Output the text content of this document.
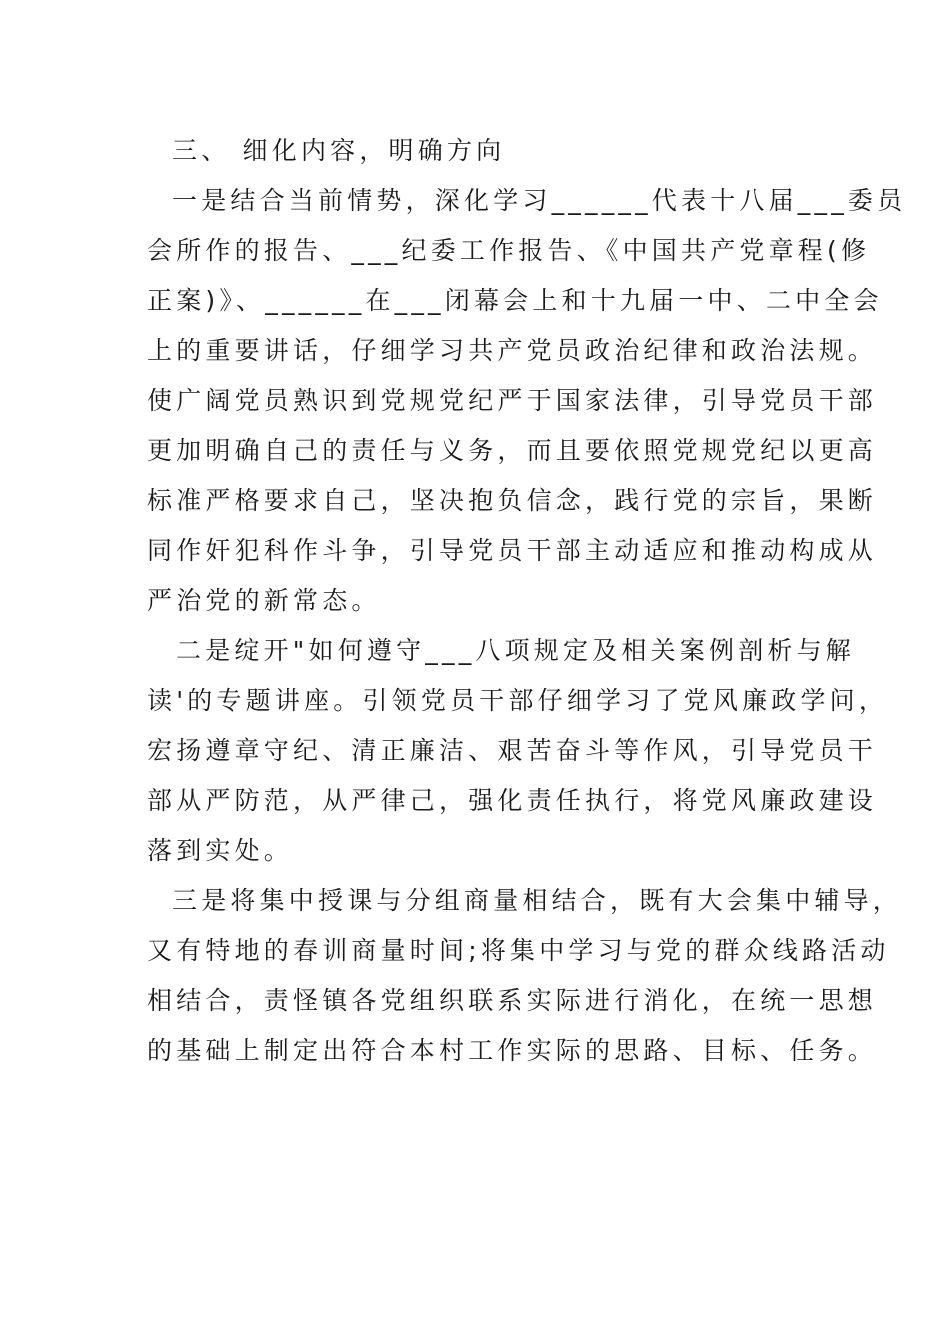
三、 细化内容，明确方向
一是结合当前情势，深化学习______代表十八届___委员
会所作的报告、___纪委工作报告、《中国共产党章程(修
正案)》、______在___闭幕会上和十九届一中、二中全会
上的重要讲话，仔细学习共产党员政治纪律和政治法规。
使广阔党员熟识到党规党纪严于国家法律，引导党员干部
更加明确自己的责任与义务，而且要依照党规党纪以更高
标准严格要求自己，坚决抱负信念，践行党的宗旨，果断
同作奸犯科作斗争，引导党员干部主动适应和推动构成从
严治党的新常态。
二是绽开"如何遵守___八项规定及相关案例剖析与解
读'的专题讲座。引领党员干部仔细学习了党风廉政学问，
宏扬遵章守纪、清正廉洁、艰苦奋斗等作风，引导党员干
部从严防范，从严律己，强化责任执行，将党风廉政建设
落到实处。
三是将集中授课与分组商量相结合，既有大会集中辅导，
又有特地的春训商量时间;将集中学习与党的群众线路活动
相结合，责怪镇各党组织联系实际进行消化，在统一思想
的基础上制定出符合本村工作实际的思路、目标、任务。
